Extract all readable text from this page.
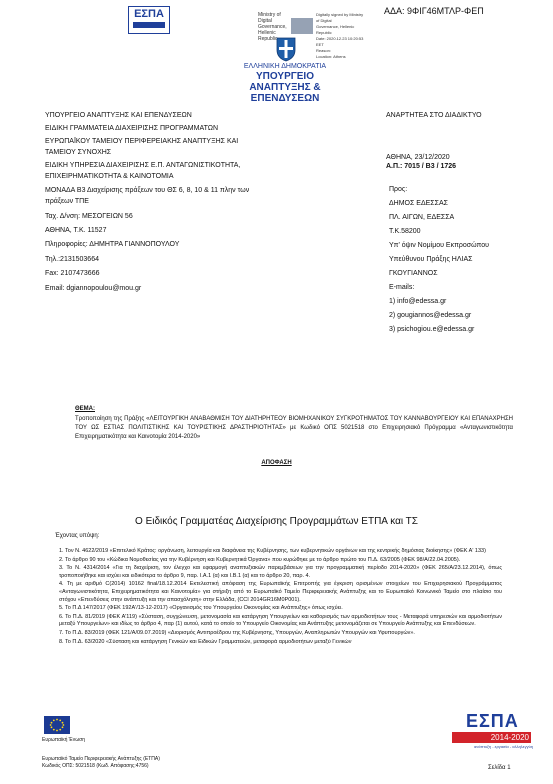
ΑΔΑ: 9ΦΙΓ46ΜΤΛΡ-ΦΕΠ
ΕΣΠΑ	Ministry of Digital
Governance,
Hellenic Republic
Digitally signed by Ministry of Digital
Governance, Hellenic Republic
Date: 2020.12.23 10:20:53
EET
Reason:
Location: Athens
ΕΛΛΗΝΙΚΗ ΔΗΜΟΚΡΑΤΙΑ
ΥΠΟΥΡΓΕΙΟ
ΑΝΑΠΤΥΞΗΣ & ΕΠΕΝΔΥΣΕΩΝ
ΥΠΟΥΡΓΕΙΟ ΑΝΑΠΤΥΞΗΣ ΚΑΙ ΕΠΕΝΔΥΣΕΩΝ
ΕΙΔΙΚΗ ΓΡΑΜΜΑΤΕΙΑ ΔΙΑΧΕΙΡΙΣΗΣ ΠΡΟΓΡΑΜΜΑΤΩΝ
ΕΥΡΩΠΑΪΚΟΥ ΤΑΜΕΙΟΥ ΠΕΡΙΦΕΡΕΙΑΚΗΣ ΑΝΑΠΤΥΞΗΣ ΚΑΙ
ΤΑΜΕΙΟΥ ΣΥΝΟΧΗΣ
ΕΙΔΙΚΗ ΥΠΗΡΕΣΙΑ ΔΙΑΧΕΙΡΙΣΗΣ Ε.Π. ΑΝΤΑΓΩΝΙΣΤΙΚΟΤΗΤΑ,
ΕΠΙΧΕΙΡΗΜΑΤΙΚΟΤΗΤΑ & ΚΑΙΝΟΤΟΜΙΑ
ΜΟΝΑΔΑ Β3 Διαχείρισης πράξεων του ΘΣ 6, 8, 10 & 11 πλην των
πράξεων ΤΠΕ
Ταχ. Δ/νση: ΜΕΣΟΓΕΙΩΝ 56
ΑΘΗΝΑ, Τ.Κ. 11527
Πληροφορίες: ΔΗΜΗΤΡΑ ΓΙΑΝΝΟΠΟΥΛΟΥ
Τηλ.:2131503664
Fax: 2107473666
Email: dgiannopoulou@mou.gr
ΑΝΑΡΤΗΤΕΑ ΣΤΟ ΔΙΑΔΙΚΤΥΟ
ΑΘΗΝΑ, 23/12/2020
Α.Π.: 7015 / Β3 / 1726
Προς:
ΔΗΜΟΣ ΕΔΕΣΣΑΣ
ΠΛ. ΑΙΓΩΝ, ΕΔΕΣΣΑ
Τ.Κ.58200
Υπ' όψιν Νομίμου Εκπροσώπου
Υπεύθυνου Πράξης ΗΛΙΑΣ
ΓΚΟΥΓΙΑΝΝΟΣ
E-mails:
1) info@edessa.gr
2) gougiannos@edessa.gr
3) psichogiou.e@edessa.gr
ΘΕΜΑ:
Τροποποίηση της Πράξης «ΛΕΙΤΟΥΡΓΙΚΗ ΑΝΑΒΑΘΜΙΣΗ ΤΟΥ ΔΙΑΤΗΡΗΤΕΟΥ ΒΙΟΜΗΧΑΝΙΚΟΥ ΣΥΓΚΡΟΤΗΜΑΤΟΣ ΤΟΥ ΚΑΝΝΑΒΟΥΡΓΕΙΟΥ ΚΑΙ ΕΠΑΝΑΧΡΗΣΗ ΤΟΥ ΩΣ ΕΣΤΙΑΣ ΠΟΛΙΤΙΣΤΙΚΗΣ ΚΑΙ ΤΟΥΡΙΣΤΙΚΗΣ ΔΡΑΣΤΗΡΙΟΤΗΤΑΣ» με Κωδικό ΟΠΣ 5021518 στο Επιχειρησιακό Πρόγραμμα «Ανταγωνιστικότητα Επιχειρηματικότητα και Καινοτομία 2014-2020»
ΑΠΟΦΑΣΗ
Ο Ειδικός Γραμματέας Διαχείρισης Προγραμμάτων ΕΤΠΑ και ΤΣ
Έχοντας υπόψη:
1. Τον Ν. 4622/2019 «Επιτελικό Κράτος: οργάνωση, λειτουργία και διαφάνεια της Κυβέρνησης, των κυβερνητικών οργάνων και της κεντρικής δημόσιας διοίκησης» (ΦΕΚ Α' 133)
2. Το άρθρο 90 του «Κώδικα Νομοθεσίας για την Κυβέρνηση και Κυβερνητικά Όργανα» που κυρώθηκε με το άρθρο πρώτο του Π.Δ. 63/2005 (ΦΕΚ 98/Α/22.04.2005).
3. Το Ν. 4314/2014 «Για τη διαχείριση, τον έλεγχο και εφαρμογή αναπτυξιακών παρεμβάσεων για την προγραμματική περίοδο 2014-2020» (ΦΕΚ 265/Α/23.12.2014), όπως τροποποιήθηκε και ισχύει και ειδικότερα το άρθρο 9, παρ. Ι.Α.1 (α) και Ι.Β.1 (α) και το άρθρο 20, παρ. 4.
4. Τη με αριθμό C(2014) 10162 final/18.12.2014 Εκτελεστική απόφαση της Ευρωπαϊκής Επιτροπής για έγκριση ορισμένων στοιχείων του Επιχειρησιακού Προγράμματος «Ανταγωνιστικότητα, Επιχειρηματικότητα και Καινοτομία» για στήριξη από το Ευρωπαϊκό Ταμείο Περιφερειακής Ανάπτυξης και το Ευρωπαϊκό Κοινωνικό Ταμείο στο πλαίσιο του στόχου «Επενδύσεις στην ανάπτυξη και την απασχόληση» στην Ελλάδα, (CCI 2014GR16M0P001).
5. Το Π.Δ 147/2017 (ΦΕΚ 192Α'/13-12-2017) «Οργανισμός του Υπουργείου Οικονομίας και Ανάπτυξης» όπως ισχύει.
6. Το Π.Δ. 81/2019 (ΦΕΚ Α'119) «Σύσταση, συγχώνευση, μετονομασία και κατάργηση Υπουργείων και καθορισμός των αρμοδιοτήτων τους - Μεταφορά υπηρεσιών και αρμοδιοτήτων μεταξύ Υπουργείων» και ιδίως το άρθρο 4, παρ (1) αυτού, κατά το οποίο το Υπουργείο Οικονομίας και Ανάπτυξης μετονομάζεται σε Υπουργείο Ανάπτυξης και Επενδύσεων.
7. Το Π.Δ. 83/2019 (ΦΕΚ 121/Α/09.07.2019) «Διορισμός Αντιπροέδρου της Κυβέρνησης, Υπουργών, Αναπληρωτών Υπουργών και Υφυπουργών».
8. Το Π.Δ. 63/2020 «Σύσταση και κατάργηση Γενικών και Ειδικών Γραμματειών, μεταφορά αρμοδιοτήτων μεταξύ Γενικών
Ευρωπαϊκή Ένωση
Ευρωπαϊκό Ταμείο Περιφερειακής Ανάπτυξης (ΕΤΠΑ)
Κωδικός ΟΠΣ: 5021518 (Κωδ. Απόφασης:4756)
ΕΣΠΑ
2014-2020
ανάπτυξη - εργασία - αλληλεγγύη
Σελίδα 1
